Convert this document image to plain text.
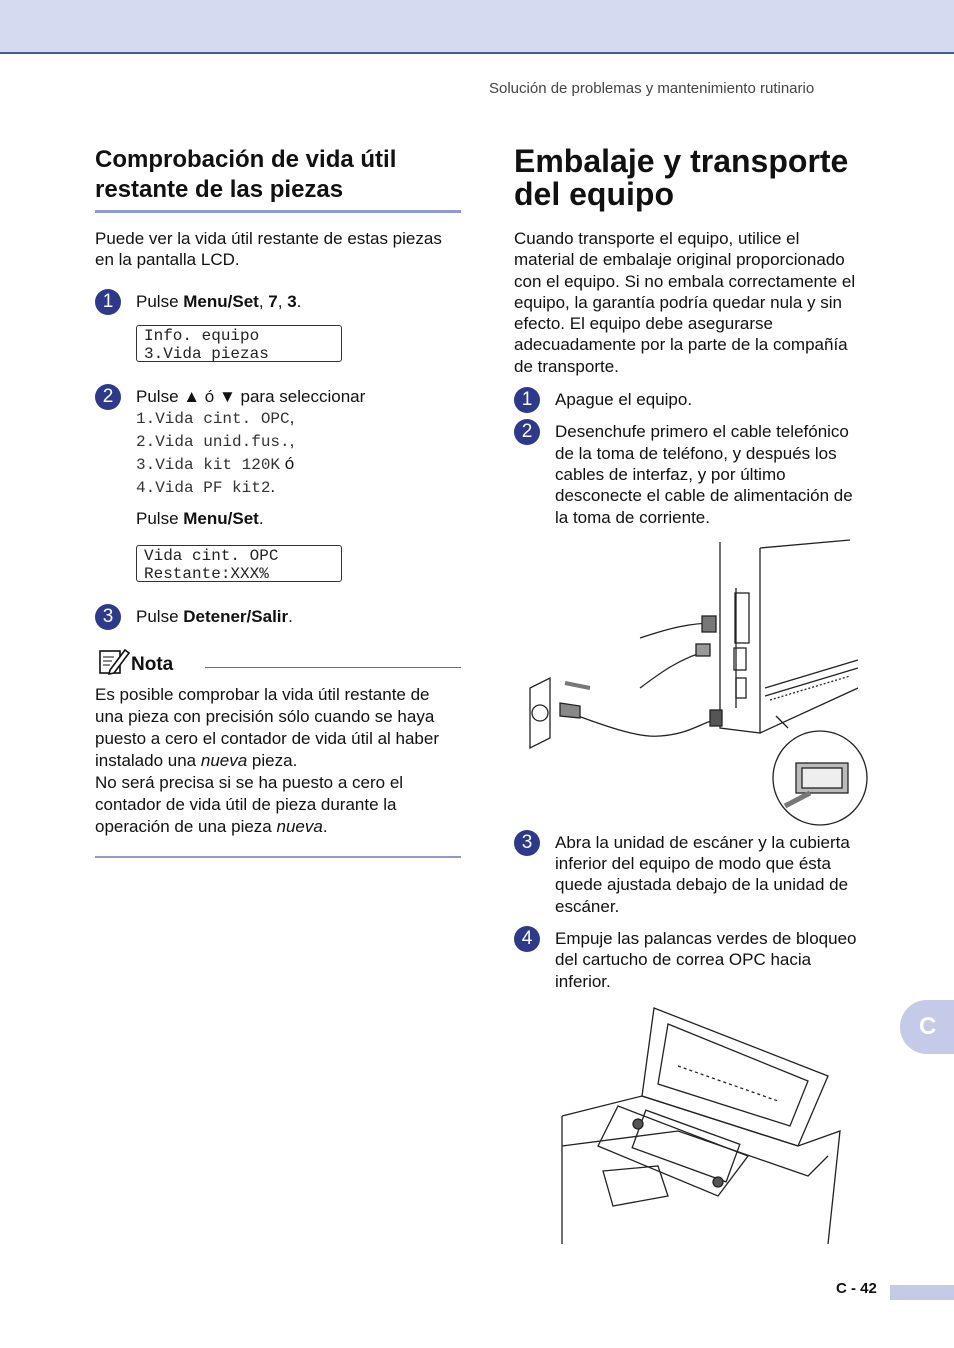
Solución de problemas y mantenimiento rutinario
Comprobación de vida útil
restante de las piezas

Puede ver la vida útil restante de estas piezas
en la pantalla LCD.

1	Pulse Menu/Set, 7, 3.
Info. equipo
3.Vida piezas
2	Pulse ▲ ó ▼ para seleccionar
1.Vida cint. OPC,
2.Vida unid.fus.,
3.Vida kit 120K ó
4.Vida PF kit2.
Pulse Menu/Set.
Vida cint. OPC
Restante:XXX%
3	Pulse Detener/Salir.
Nota

Es posible comprobar la vida útil restante de
una pieza con precisión sólo cuando se haya
puesto a cero el contador de vida útil al haber
instalado una nueva pieza.
No será precisa si se ha puesto a cero el
contador de vida útil de pieza durante la
operación de una pieza nueva.

Embalaje y transporte
del equipo

Cuando transporte el equipo, utilice el
material de embalaje original proporcionado
con el equipo. Si no embala correctamente el
equipo, la garantía podría quedar nula y sin
efecto. El equipo debe asegurarse
adecuadamente por la parte de la compañía
de transporte.

1	Apague el equipo.
2	Desenchufe primero el cable telefónico
de la toma de teléfono, y después los
cables de interfaz, y por último
desconecte el cable de alimentación de
la toma de corriente.
3	Abra la unidad de escáner y la cubierta
inferior del equipo de modo que ésta
quede ajustada debajo de la unidad de
escáner.
4	Empuje las palancas verdes de bloqueo
del cartucho de correa OPC hacia
inferior.
C
C - 42
